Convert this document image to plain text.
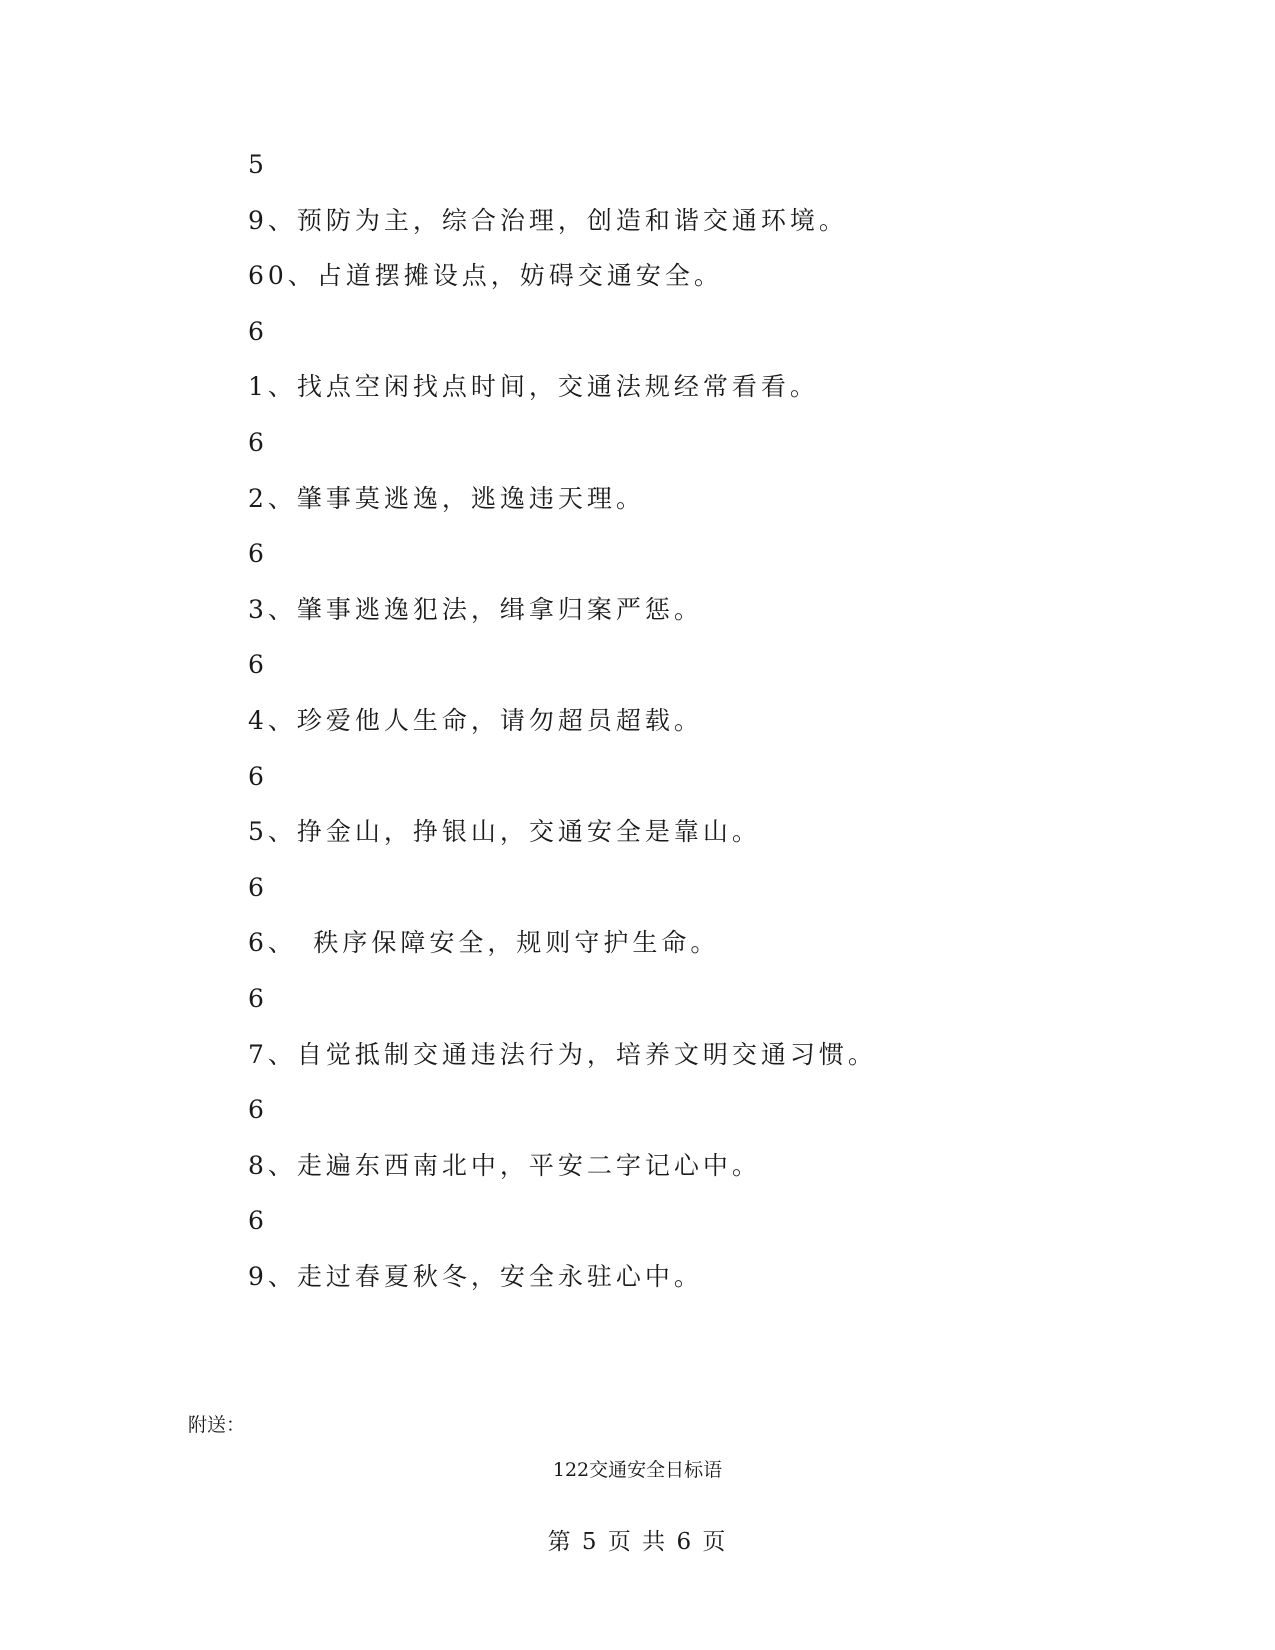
5
9、预防为主，综合治理，创造和谐交通环境。
60、占道摆摊设点，妨碍交通安全。
6
1、找点空闲找点时间，交通法规经常看看。
6
2、肇事莫逃逸，逃逸违天理。
6
3、肇事逃逸犯法，缉拿归案严惩。
6
4、珍爱他人生命，请勿超员超载。
6
5、挣金山，挣银山，交通安全是靠山。
6
6、　秩序保障安全，规则守护生命。
6
7、自觉抵制交通违法行为，培养文明交通习惯。
6
8、走遍东西南北中，平安二字记心中。
6
9、走过春夏秋冬，安全永驻心中。
附送：
122交通安全日标语
第 5 页 共 6 页
